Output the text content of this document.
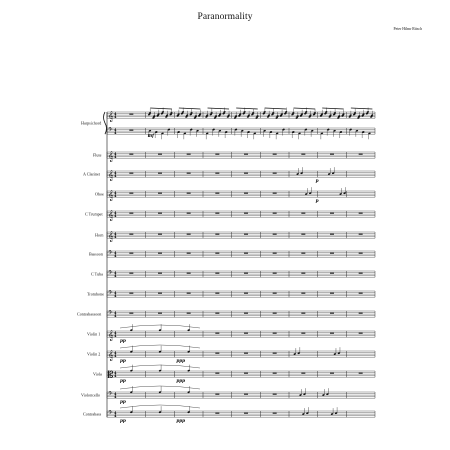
Paranormality
Peter Hilmr Ritsch
𝄞 4
4
𝄢 4
4
𝄞 4
4
𝄞 4
4
𝄞 4
4
𝄞 4
4
𝄞 4
4
𝄢 4
4
𝄢 4
4
𝄢 4
4
𝄢 4
4
𝄞 4
4
𝄞 4
4
𝄡 4
4
𝄢 4
4
𝄢 4
4
mf
p
p
pp
pp	ppp
pp	ppp
pp
pp	ppp
Harpsichord
Flute
A Clarinet
Oboe
C Trumpet
Horn
Bassoon
C Tuba
Trombone
Contrabassoon
Violin 1
Violin 2
Viola
Violoncello
Contrabass
